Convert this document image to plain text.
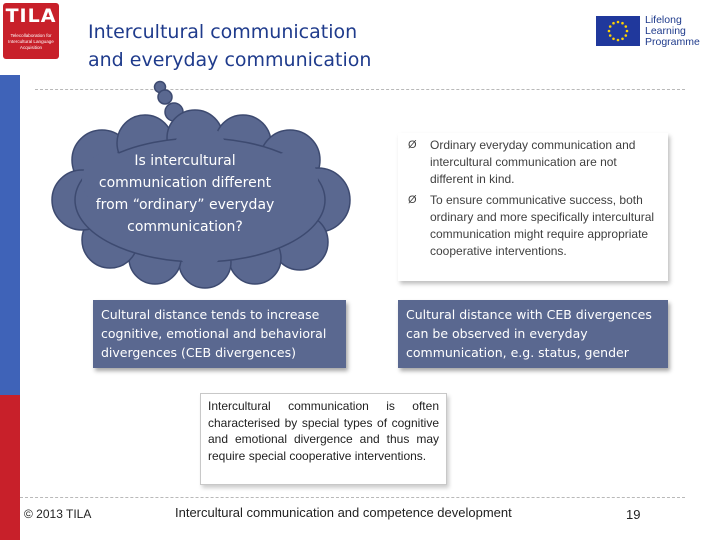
TILA
Telecollaboration for Intercultural Language Acquisition
Intercultural communication
and everyday communication
Lifelong
Learning
Programme
Is intercultural communication different from “ordinary” everyday communication?
Ø	Ordinary everyday communication and intercultural communication are not different in kind.
Ø	To ensure communicative success, both ordinary and more specifically intercultural communication might require appropriate cooperative interventions.
Cultural distance tends to increase cognitive, emotional and behavioral divergences (CEB divergences)
Cultural distance with CEB divergences can be observed in everyday communication, e.g. status, gender
Intercultural communication is often characterised by special types of cognitive and emotional divergence and thus may require special cooperative interventions.
© 2013 TILA	Intercultural communication and competence development	19
